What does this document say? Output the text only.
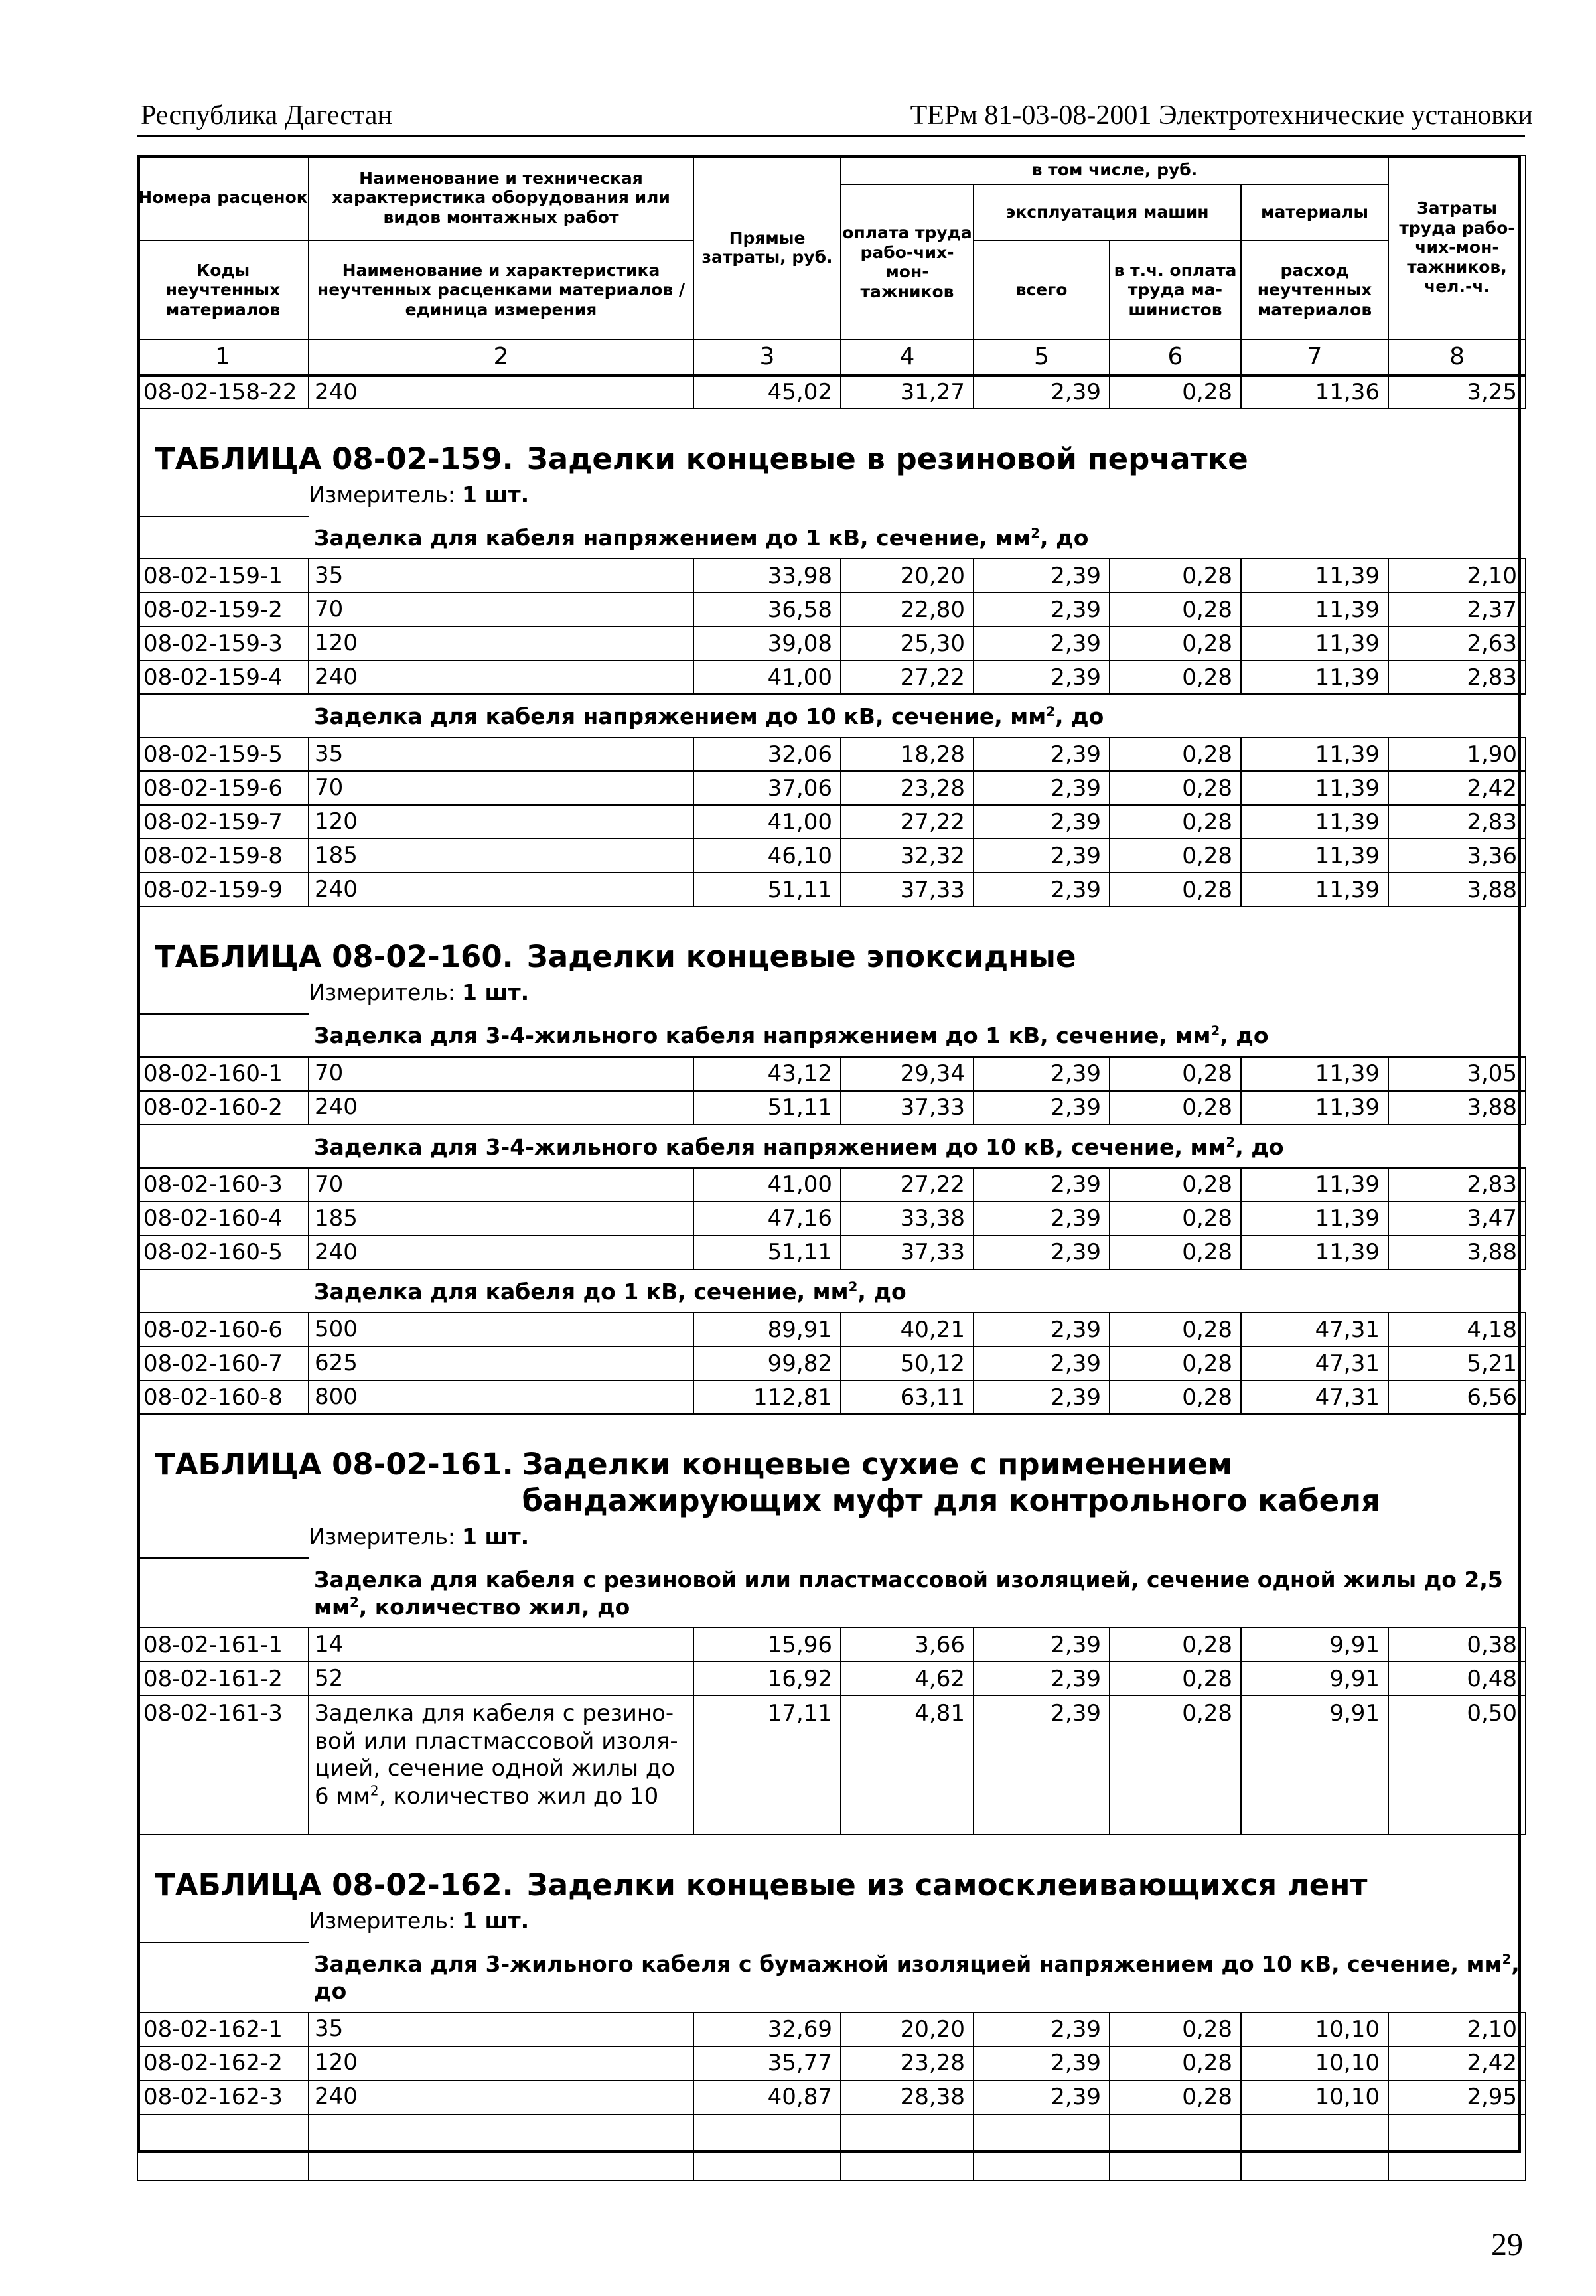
Республика Дагестан	ТЕРм 81-03-08-2001 Электротехнические установки
Номера расценок	Наименование и техническая характеристика оборудования или видов монтажных работ	Прямые затраты, руб.	в том числе, руб.				Затраты труда рабо-чих-мон-тажников, чел.-ч.
			оплата труда рабо-чих-мон-тажников	эксплуатация машин		материалы	
Коды неучтенных материалов	Наименование и характеристика неучтенных расценками материалов / единица измерения			всего	в т.ч. оплата труда ма-шинистов	расход неучтенных материалов	

1	2	3	4	5	6	7	8
08-02-158-22	240	45,02	31,27	2,39	0,28	11,36	3,25

ТАБЛИЦА 08-02-159. Заделки концевые в резиновой перчатке							

Измеритель: 1 шт.							

	Заделка для кабеля напряжением до 1 кВ, сечение, $мм^2$, до						
08-02-159-1	35	33,98	20,20	2,39	0,28	11,39	2,10
08-02-159-2	70	36,58	22,80	2,39	0,28	11,39	2,37
08-02-159-3	120	39,08	25,30	2,39	0,28	11,39	2,63
08-02-159-4	240	41,00	27,22	2,39	0,28	11,39	2,83
	Заделка для кабеля напряжением до 10 кВ, сечение, $мм^2$, до						
08-02-159-5	35	32,06	18,28	2,39	0,28	11,39	1,90
08-02-159-6	70	37,06	23,28	2,39	0,28	11,39	2,42
08-02-159-7	120	41,00	27,22	2,39	0,28	11,39	2,83
08-02-159-8	185	46,10	32,32	2,39	0,28	11,39	3,36
08-02-159-9	240	51,11	37,33	2,39	0,28	11,39	3,88

ТАБЛИЦА 08-02-160. Заделки концевые эпоксидные							

Измеритель: 1 шт.							

	Заделка для 3-4-жильного кабеля напряжением до 1 кВ, сечение, $мм^2$, до						
08-02-160-1	70	43,12	29,34	2,39	0,28	11,39	3,05
08-02-160-2	240	51,11	37,33	2,39	0,28	11,39	3,88
	Заделка для 3-4-жильного кабеля напряжением до 10 кВ, сечение, $мм^2$, до						
08-02-160-3	70	41,00	27,22	2,39	0,28	11,39	2,83
08-02-160-4	185	47,16	33,38	2,39	0,28	11,39	3,47
08-02-160-5	240	51,11	37,33	2,39	0,28	11,39	3,88
	Заделка для кабеля до 1 кВ, сечение, $мм^2$, до						
08-02-160-6	500	89,91	40,21	2,39	0,28	47,31	4,18
08-02-160-7	625	99,82	50,12	2,39	0,28	47,31	5,21
08-02-160-8	800	112,81	63,11	2,39	0,28	47,31	6,56

ТАБЛИЦА 08-02-161. Заделки концевые сухие с применением бандажирующих муфт для контрольного кабеля							

Измеритель: 1 шт.							

	Заделка для кабеля с резиновой или пластмассовой изоляцией, сечение одной жилы до 2,5 $мм^2$, количество жил, до						
08-02-161-1	14	15,96	3,66	2,39	0,28	9,91	0,38
08-02-161-2	52	16,92	4,62	2,39	0,28	9,91	0,48
08-02-161-3	Заделка для кабеля с резино-вой или пластмассовой изоля-цией, сечение одной жилы до 6 $мм^2$, количество жил до 10	17,11	4,81	2,39	0,28	9,91	0,50

ТАБЛИЦА 08-02-162. Заделки концевые из самосклеивающихся лент							

Измеритель: 1 шт.							

	Заделка для 3-жильного кабеля с бумажной изоляцией напряжением до 10 кВ, сечение, $мм^2$, до						
08-02-162-1	35	32,69	20,20	2,39	0,28	10,10	2,10
08-02-162-2	120	35,77	23,28	2,39	0,28	10,10	2,42
08-02-162-3	240	40,87	28,38	2,39	0,28	10,10	2,95

29
